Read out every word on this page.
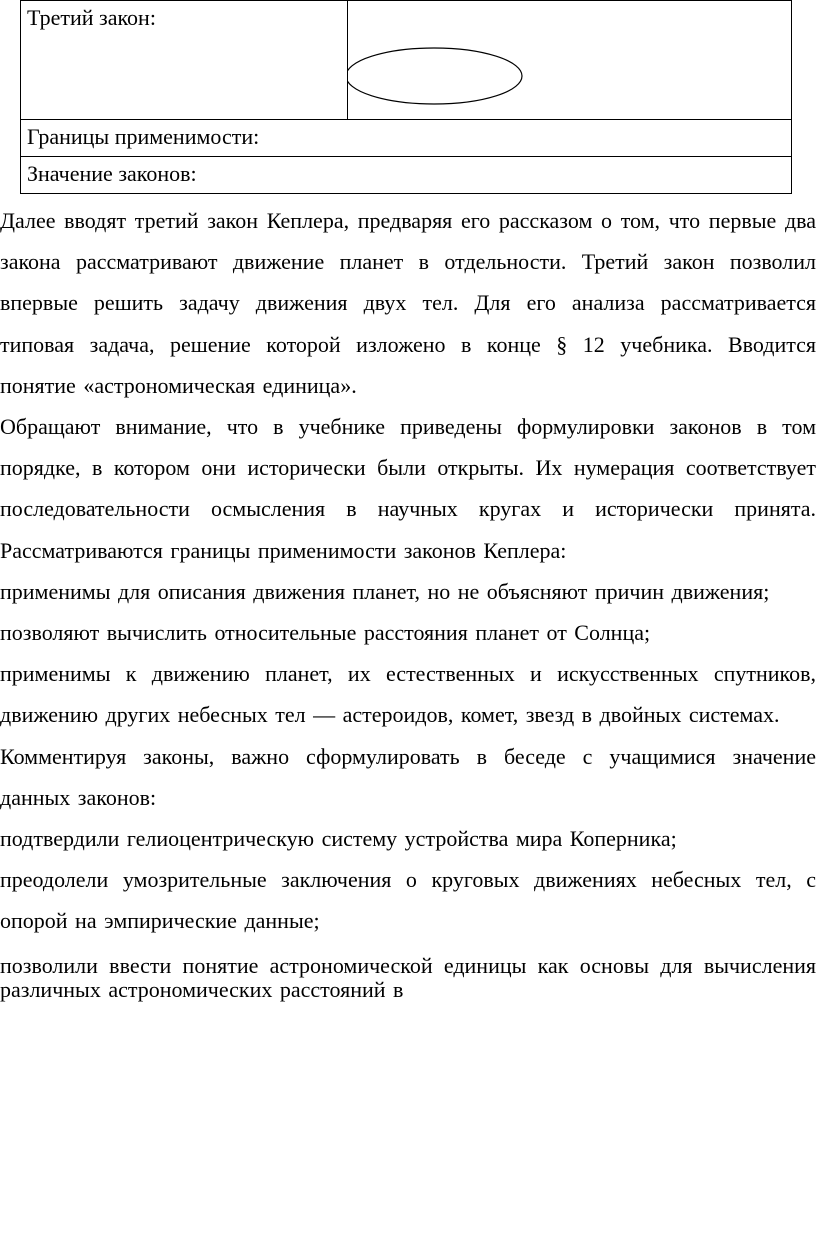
Третий закон:	

Границы применимости:
Значение законов:

Далее вводят третий закон Кеплера, предваряя его рассказом о том, что первые два закона рассматривают движение планет в отдельности. Третий закон позволил впервые решить задачу движения двух тел. Для его анализа рассматривается типовая задача, решение которой изложено в конце § 12 учебника. Вводится понятие «астрономическая единица».

Обращают внимание, что в учебнике приведены формулировки законов в том порядке, в котором они исторически были открыты. Их нумерация соответствует последовательности осмысления в научных кругах и исторически принята. Рассматриваются границы применимости законов Кеплера:

применимы для описания движения планет, но не объясняют причин движения;

позволяют вычислить относительные расстояния планет от Солнца;

применимы к движению планет, их естественных и искусственных спутников, движению других небесных тел — астероидов, комет, звезд в двойных системах.

Комментируя законы, важно сформулировать в беседе с учащимися значение данных законов:

подтвердили гелиоцентрическую систему устройства мира Коперника;

преодолели умозрительные заключения о круговых движениях небесных тел, с опорой на эмпирические данные;

позволили ввести понятие астрономической единицы как основы для вычисления различных астрономических расстояний в
